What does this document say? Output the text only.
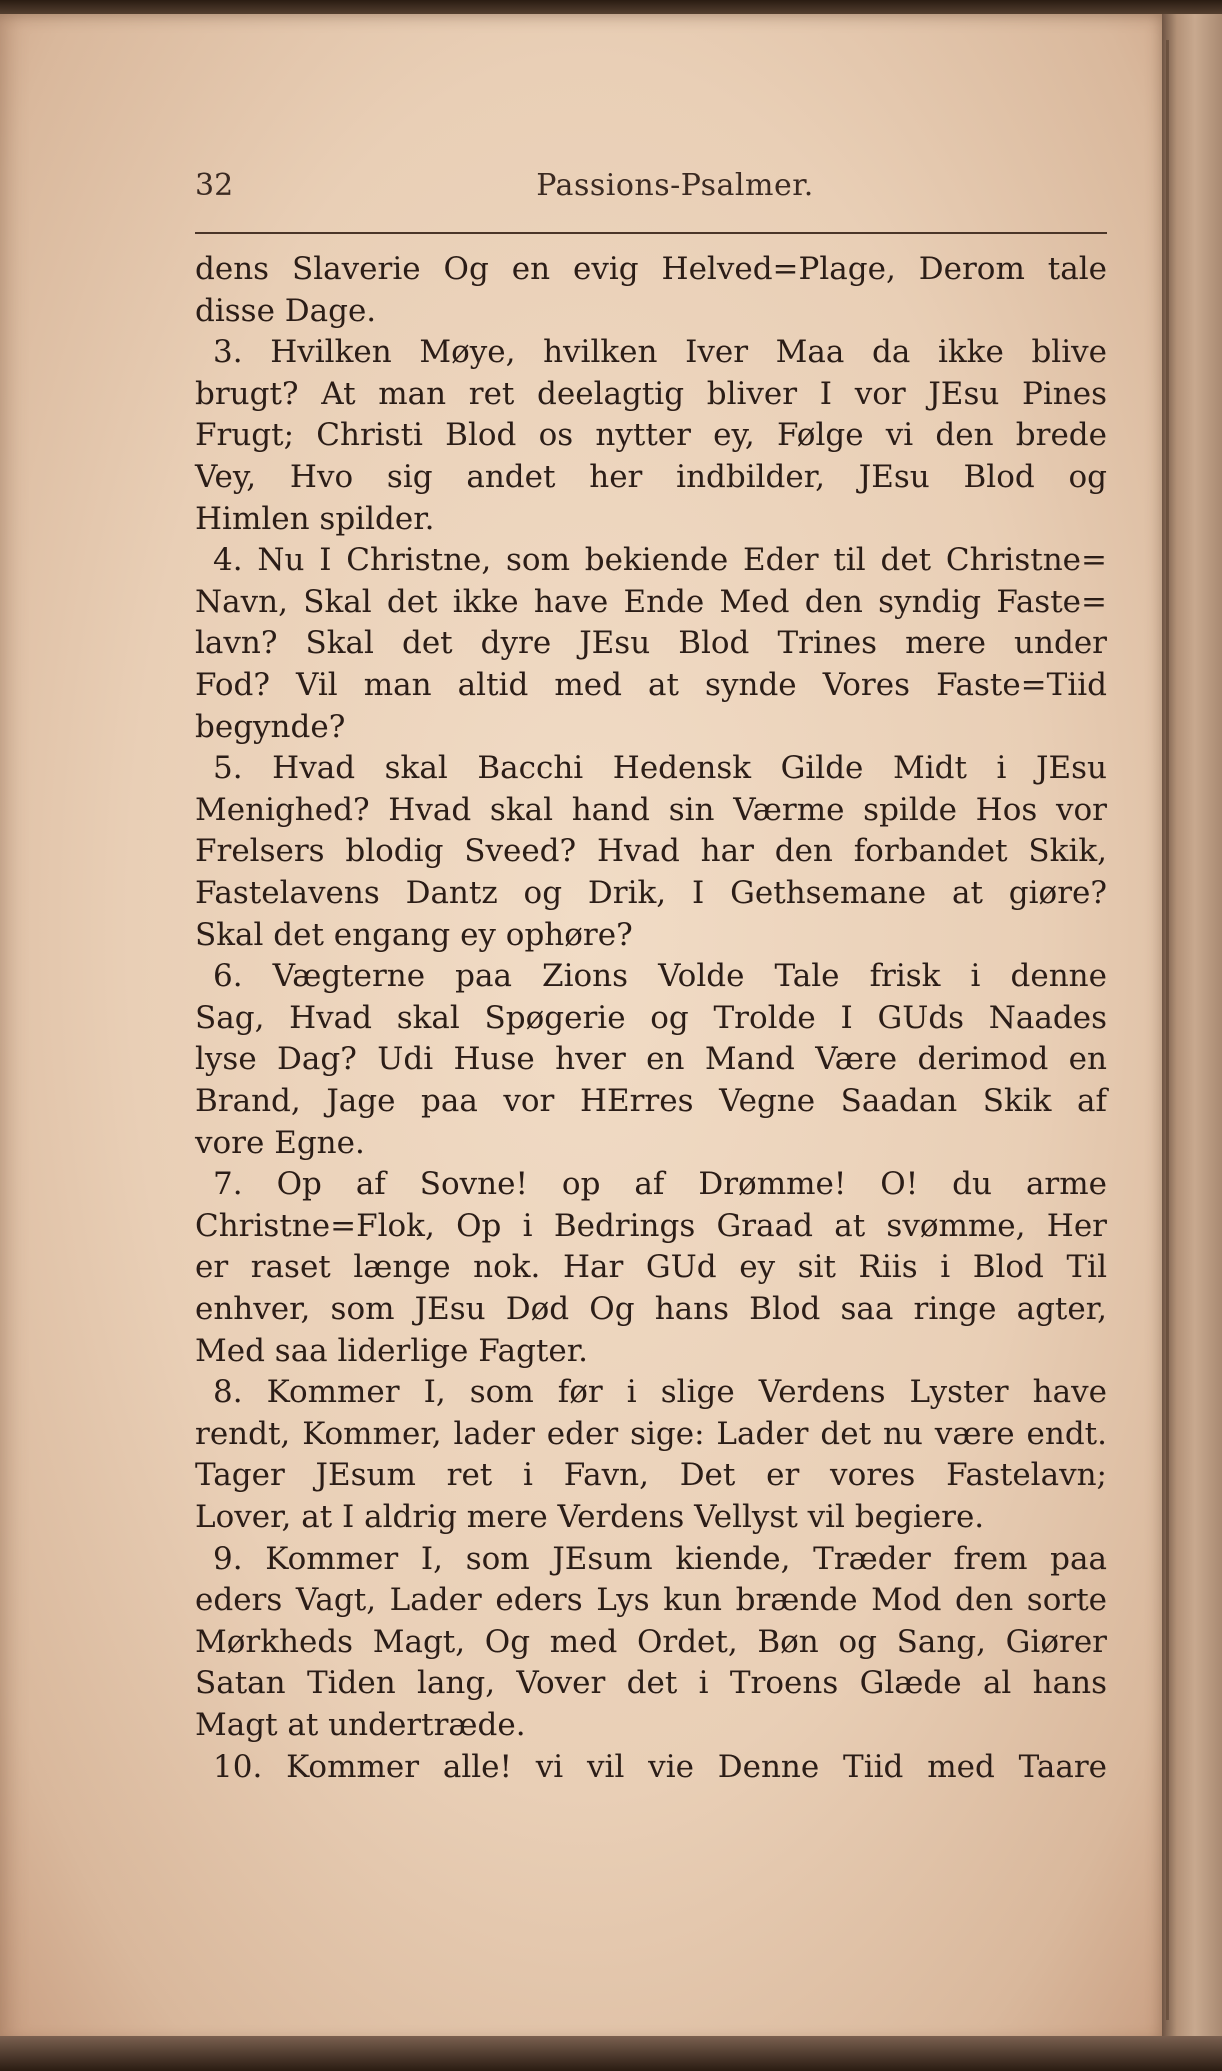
32	Passions-Psalmer.
dens Slaverie Og en evig Helved=Plage, Derom tale
disse Dage.
3. Hvilken Møye, hvilken Iver Maa da ikke blive
brugt? At man ret deelagtig bliver I vor JEsu Pines
Frugt; Christi Blod os nytter ey, Følge vi den brede
Vey, Hvo sig andet her indbilder, JEsu Blod og
Himlen spilder.
4. Nu I Christne, som bekiende Eder til det Christne=
Navn, Skal det ikke have Ende Med den syndig Faste=
lavn? Skal det dyre JEsu Blod Trines mere under
Fod? Vil man altid med at synde Vores Faste=Tiid
begynde?
5. Hvad skal Bacchi Hedensk Gilde Midt i JEsu
Menighed? Hvad skal hand sin Værme spilde Hos vor
Frelsers blodig Sveed? Hvad har den forbandet Skik,
Fastelavens Dantz og Drik, I Gethsemane at giøre?
Skal det engang ey ophøre?
6. Vægterne paa Zions Volde Tale frisk i denne
Sag, Hvad skal Spøgerie og Trolde I GUds Naades
lyse Dag? Udi Huse hver en Mand Være derimod en
Brand, Jage paa vor HErres Vegne Saadan Skik af
vore Egne.
7. Op af Sovne! op af Drømme! O! du arme
Christne=Flok, Op i Bedrings Graad at svømme, Her
er raset længe nok. Har GUd ey sit Riis i Blod Til
enhver, som JEsu Død Og hans Blod saa ringe agter,
Med saa liderlige Fagter.
8. Kommer I, som før i slige Verdens Lyster have
rendt, Kommer, lader eder sige: Lader det nu være endt.
Tager JEsum ret i Favn, Det er vores Fastelavn;
Lover, at I aldrig mere Verdens Vellyst vil begiere.
9. Kommer I, som JEsum kiende, Træder frem paa
eders Vagt, Lader eders Lys kun brænde Mod den sorte
Mørkheds Magt, Og med Ordet, Bøn og Sang, Giører
Satan Tiden lang, Vover det i Troens Glæde al hans
Magt at undertræde.
10. Kommer alle! vi vil vie Denne Tiid med Taare
